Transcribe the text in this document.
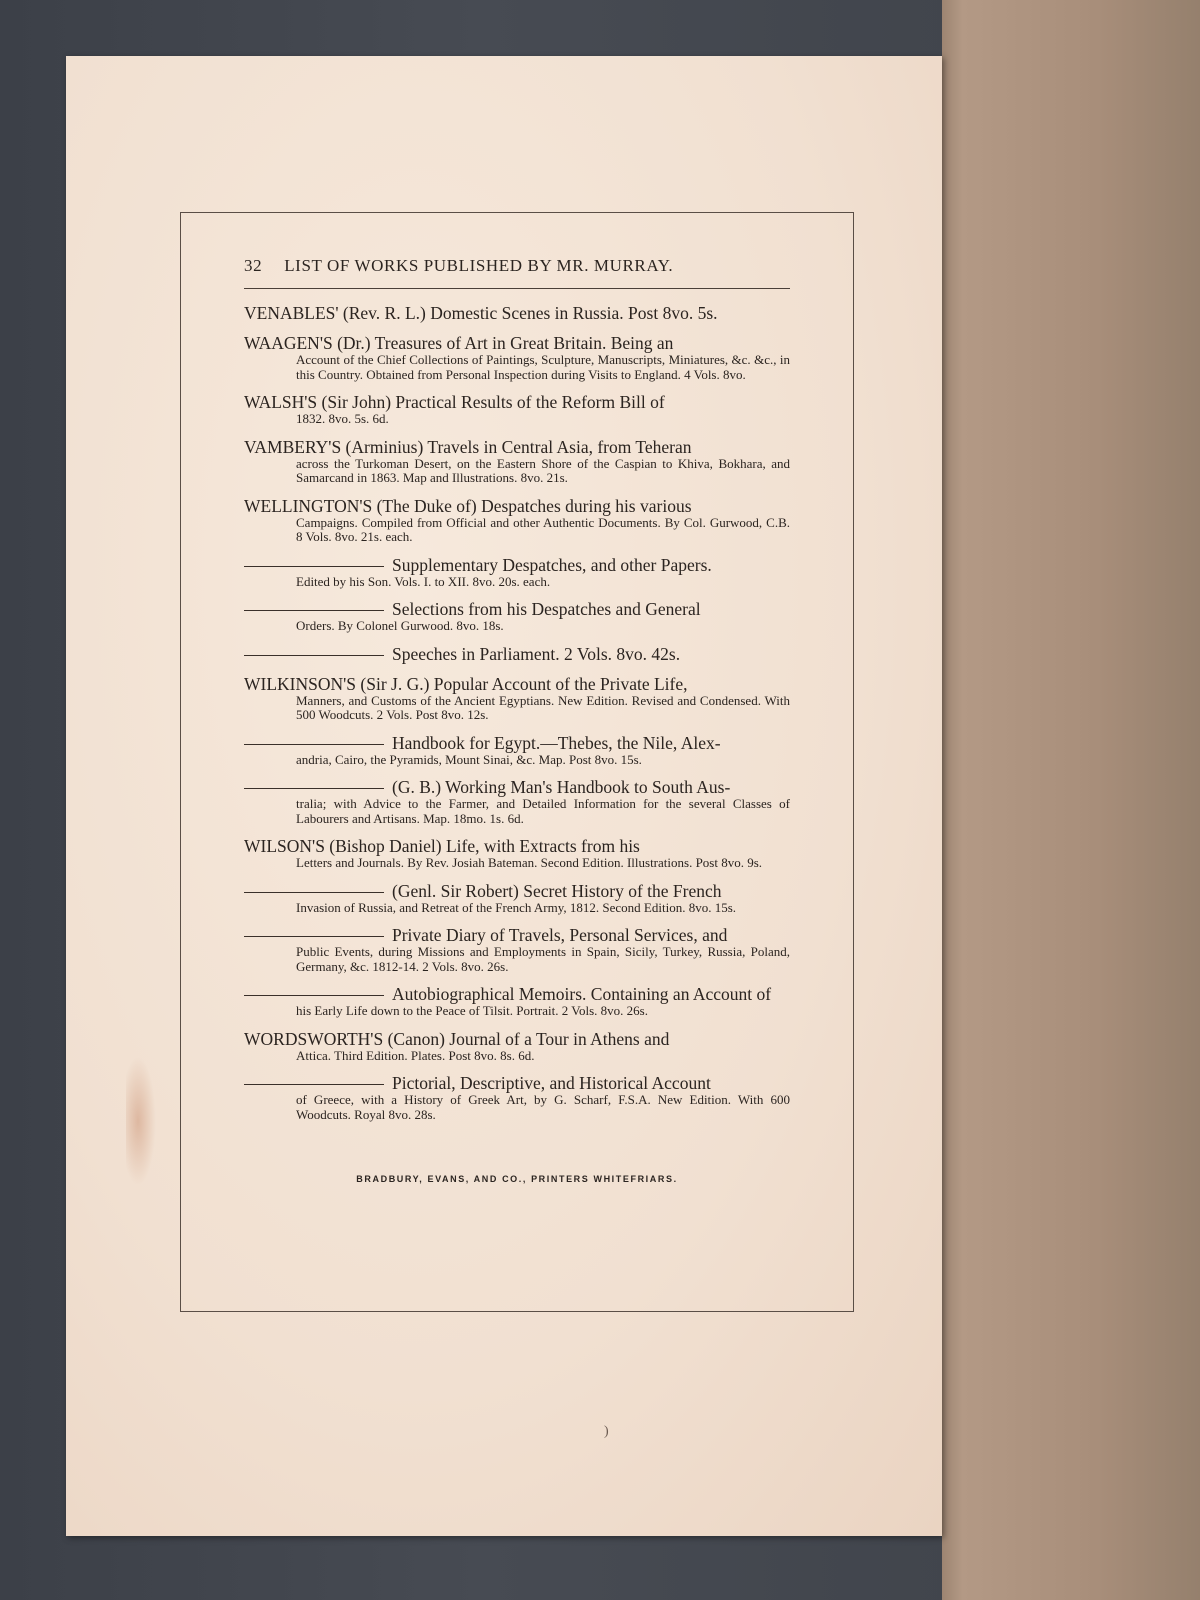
32 LIST OF WORKS PUBLISHED BY MR. MURRAY.
VENABLES' (Rev. R. L.) Domestic Scenes in Russia. Post 8vo. 5s.
WAAGEN'S (Dr.) Treasures of Art in Great Britain. Being an
Account of the Chief Collections of Paintings, Sculpture, Manuscripts, Miniatures, &c. &c., in this Country. Obtained from Personal Inspection during Visits to England. 4 Vols. 8vo.
WALSH'S (Sir John) Practical Results of the Reform Bill of
1832. 8vo. 5s. 6d.
VAMBERY'S (Arminius) Travels in Central Asia, from Teheran
across the Turkoman Desert, on the Eastern Shore of the Caspian to Khiva, Bokhara, and Samarcand in 1863. Map and Illustrations. 8vo. 21s.
WELLINGTON'S (The Duke of) Despatches during his various
Campaigns. Compiled from Official and other Authentic Documents. By Col. Gurwood, C.B. 8 Vols. 8vo. 21s. each.
Supplementary Despatches, and other Papers.
Edited by his Son. Vols. I. to XII. 8vo. 20s. each.
Selections from his Despatches and General
Orders. By Colonel Gurwood. 8vo. 18s.
Speeches in Parliament. 2 Vols. 8vo. 42s.
WILKINSON'S (Sir J. G.) Popular Account of the Private Life,
Manners, and Customs of the Ancient Egyptians. New Edition. Revised and Condensed. With 500 Woodcuts. 2 Vols. Post 8vo. 12s.
Handbook for Egypt.—Thebes, the Nile, Alex-
andria, Cairo, the Pyramids, Mount Sinai, &c. Map. Post 8vo. 15s.
(G. B.) Working Man's Handbook to South Aus-
tralia; with Advice to the Farmer, and Detailed Information for the several Classes of Labourers and Artisans. Map. 18mo. 1s. 6d.
WILSON'S (Bishop Daniel) Life, with Extracts from his
Letters and Journals. By Rev. Josiah Bateman. Second Edition. Illustrations. Post 8vo. 9s.
(Genl. Sir Robert) Secret History of the French
Invasion of Russia, and Retreat of the French Army, 1812. Second Edition. 8vo. 15s.
Private Diary of Travels, Personal Services, and
Public Events, during Missions and Employments in Spain, Sicily, Turkey, Russia, Poland, Germany, &c. 1812-14. 2 Vols. 8vo. 26s.
Autobiographical Memoirs. Containing an Account of
his Early Life down to the Peace of Tilsit. Portrait. 2 Vols. 8vo. 26s.
WORDSWORTH'S (Canon) Journal of a Tour in Athens and
Attica. Third Edition. Plates. Post 8vo. 8s. 6d.
Pictorial, Descriptive, and Historical Account
of Greece, with a History of Greek Art, by G. Scharf, F.S.A. New Edition. With 600 Woodcuts. Royal 8vo. 28s.
BRADBURY, EVANS, AND CO., PRINTERS WHITEFRIARS.
)
